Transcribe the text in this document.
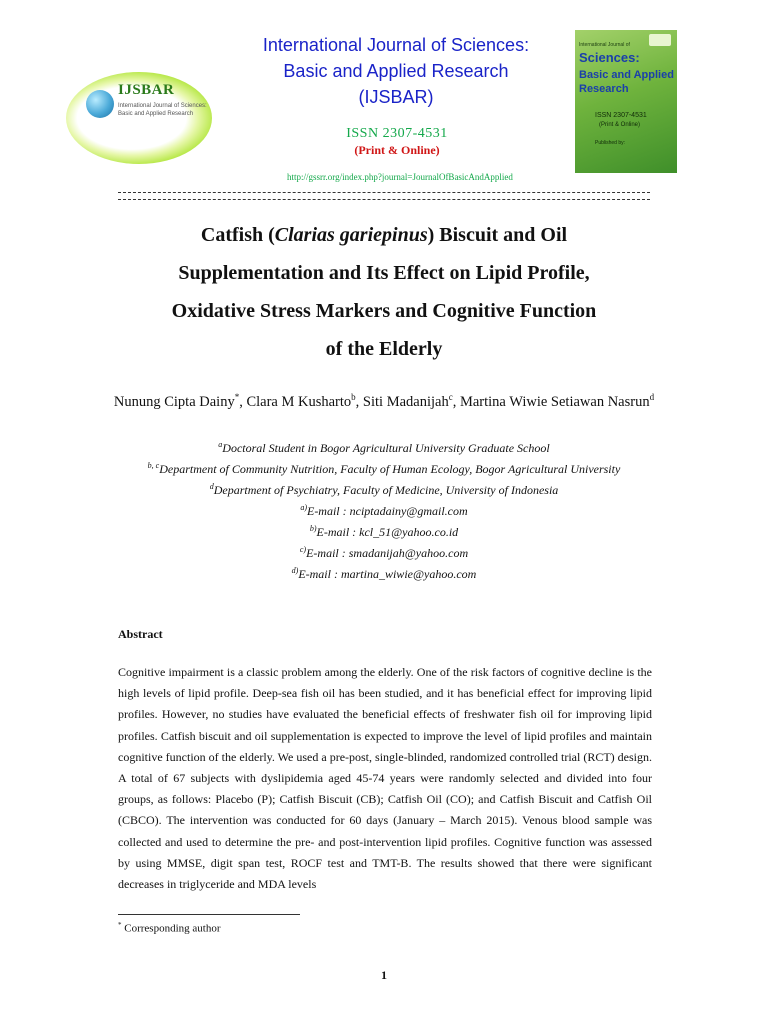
IJSBAR
International Journal of Sciences: Basic and Applied Research
International Journal of Sciences:
Basic and Applied Research
(IJSBAR)
ISSN 2307-4531
(Print & Online)
http://gssrr.org/index.php?journal=JournalOfBasicAndApplied
International Journal of
Sciences:
Basic and Applied Research
ISSN 2307-4531
(Print & Online)
Published by:
Catfish (Clarias gariepinus) Biscuit and Oil
Supplementation and Its Effect on Lipid Profile,
Oxidative Stress Markers and Cognitive Function
of the Elderly
Nunung Cipta Dainy*, Clara M Kusharto$^b$, Siti Madanijah$^c$, Martina Wiwie Setiawan Nasrun$^d$
$^a$Doctoral Student in Bogor Agricultural University Graduate School
$^{b, c}$Department of Community Nutrition, Faculty of Human Ecology, Bogor Agricultural University
$^d$Department of Psychiatry, Faculty of Medicine, University of Indonesia
$^{a)}$E-mail : nciptadainy@gmail.com
$^{b)}$E-mail : kcl_51@yahoo.co.id
$^{c)}$E-mail : smadanijah@yahoo.com
$^{d)}$E-mail : martina_wiwie@yahoo.com
Abstract
Cognitive impairment is a classic problem among the elderly. One of the risk factors of cognitive decline is the high levels of lipid profile. Deep-sea fish oil has been studied, and it has beneficial effect for improving lipid profiles. However, no studies have evaluated the beneficial effects of freshwater fish oil for improving lipid profiles. Catfish biscuit and oil supplementation is expected to improve the level of lipid profiles and maintain cognitive function of the elderly. We used a pre-post, single-blinded, randomized controlled trial (RCT) design. A total of 67 subjects with dyslipidemia aged 45-74 years were randomly selected and divided into four groups, as follows: Placebo (P); Catfish Biscuit (CB); Catfish Oil (CO); and Catfish Biscuit and Catfish Oil (CBCO). The intervention was conducted for 60 days (January – March 2015). Venous blood sample was collected and used to determine the pre- and post-intervention lipid profiles. Cognitive function was assessed by using MMSE, digit span test, ROCF test and TMT-B. The results showed that there were significant decreases in triglyceride and MDA levels
* Corresponding author
1
